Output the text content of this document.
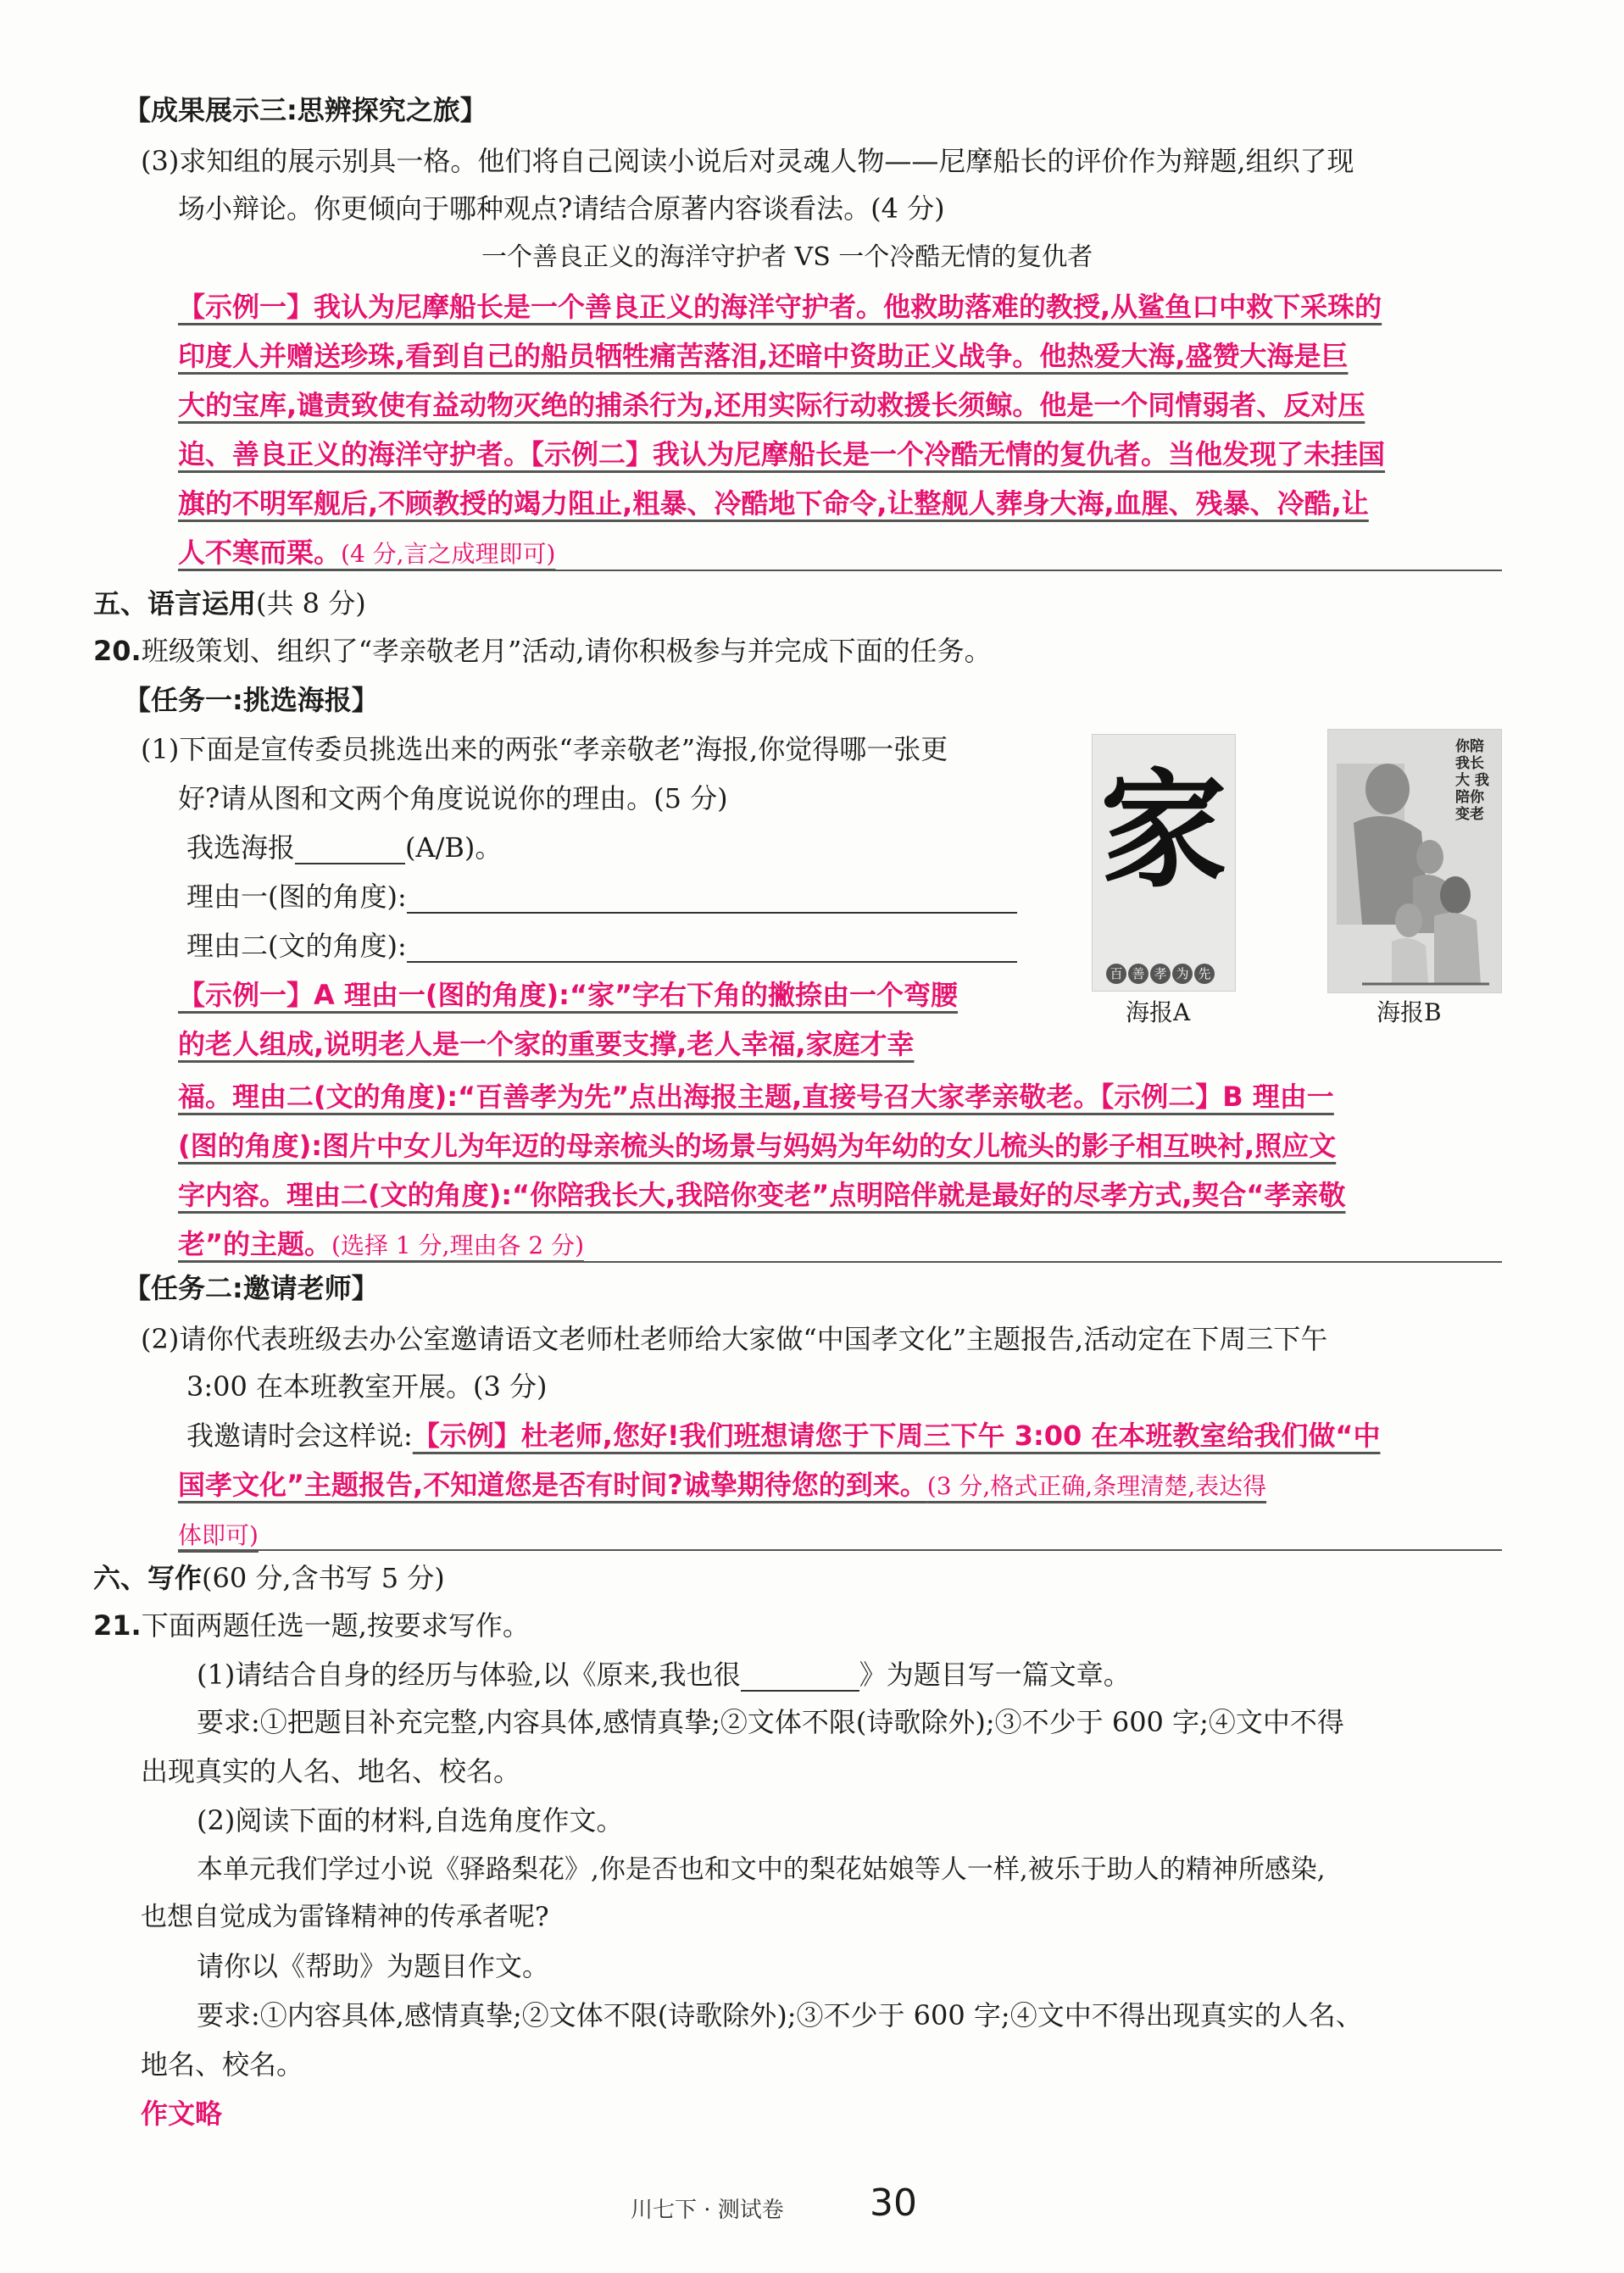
【成果展示三:思辨探究之旅】
(3)求知组的展示别具一格。他们将自己阅读小说后对灵魂人物——尼摩船长的评价作为辩题,组织了现
场小辩论。你更倾向于哪种观点?请结合原著内容谈看法。(4 分)
一个善良正义的海洋守护者 VS 一个冷酷无情的复仇者
【示例一】我认为尼摩船长是一个善良正义的海洋守护者。他救助落难的教授,从鲨鱼口中救下采珠的
印度人并赠送珍珠,看到自己的船员牺牲痛苦落泪,还暗中资助正义战争。他热爱大海,盛赞大海是巨
大的宝库,谴责致使有益动物灭绝的捕杀行为,还用实际行动救援长须鲸。他是一个同情弱者、反对压
迫、善良正义的海洋守护者。【示例二】我认为尼摩船长是一个冷酷无情的复仇者。当他发现了未挂国
旗的不明军舰后,不顾教授的竭力阻止,粗暴、冷酷地下命令,让整舰人葬身大海,血腥、残暴、冷酷,让
人不寒而栗。(4 分,言之成理即可)
五、语言运用(共 8 分)
20.班级策划、组织了“孝亲敬老月”活动,请你积极参与并完成下面的任务。
【任务一:挑选海报】
(1)下面是宣传委员挑选出来的两张“孝亲敬老”海报,你觉得哪一张更
好?请从图和文两个角度说说你的理由。(5 分)
我选海报	(A/B)。
理由一(图的角度):
理由二(文的角度):
【示例一】A 理由一(图的角度):“家”字右下角的撇捺由一个弯腰
的老人组成,说明老人是一个家的重要支撑,老人幸福,家庭才幸
福。理由二(文的角度):“百善孝为先”点出海报主题,直接号召大家孝亲敬老。【示例二】B 理由一
(图的角度):图片中女儿为年迈的母亲梳头的场景与妈妈为年幼的女儿梳头的影子相互映衬,照应文
字内容。理由二(文的角度):“你陪我长大,我陪你变老”点明陪伴就是最好的尽孝方式,契合“孝亲敬
老”的主题。(选择 1 分,理由各 2 分)
家
百 善 孝 为 先
海报A
你陪我长大 我陪你变老
海报B
【任务二:邀请老师】
(2)请你代表班级去办公室邀请语文老师杜老师给大家做“中国孝文化”主题报告,活动定在下周三下午
3:00 在本班教室开展。(3 分)
我邀请时会这样说:【示例】杜老师,您好!我们班想请您于下周三下午 3:00 在本班教室给我们做“中
国孝文化”主题报告,不知道您是否有时间?诚挚期待您的到来。(3 分,格式正确,条理清楚,表达得
体即可)
六、写作(60 分,含书写 5 分)
21.下面两题任选一题,按要求写作。
(1)请结合自身的经历与体验,以《原来,我也很	》为题目写一篇文章。
要求:①把题目补充完整,内容具体,感情真挚;②文体不限(诗歌除外);③不少于 600 字;④文中不得
出现真实的人名、地名、校名。
(2)阅读下面的材料,自选角度作文。
本单元我们学过小说《驿路梨花》,你是否也和文中的梨花姑娘等人一样,被乐于助人的精神所感染,
也想自觉成为雷锋精神的传承者呢?
请你以《帮助》为题目作文。
要求:①内容具体,感情真挚;②文体不限(诗歌除外);③不少于 600 字;④文中不得出现真实的人名、
地名、校名。
作文略
川七下 · 测试卷 30
